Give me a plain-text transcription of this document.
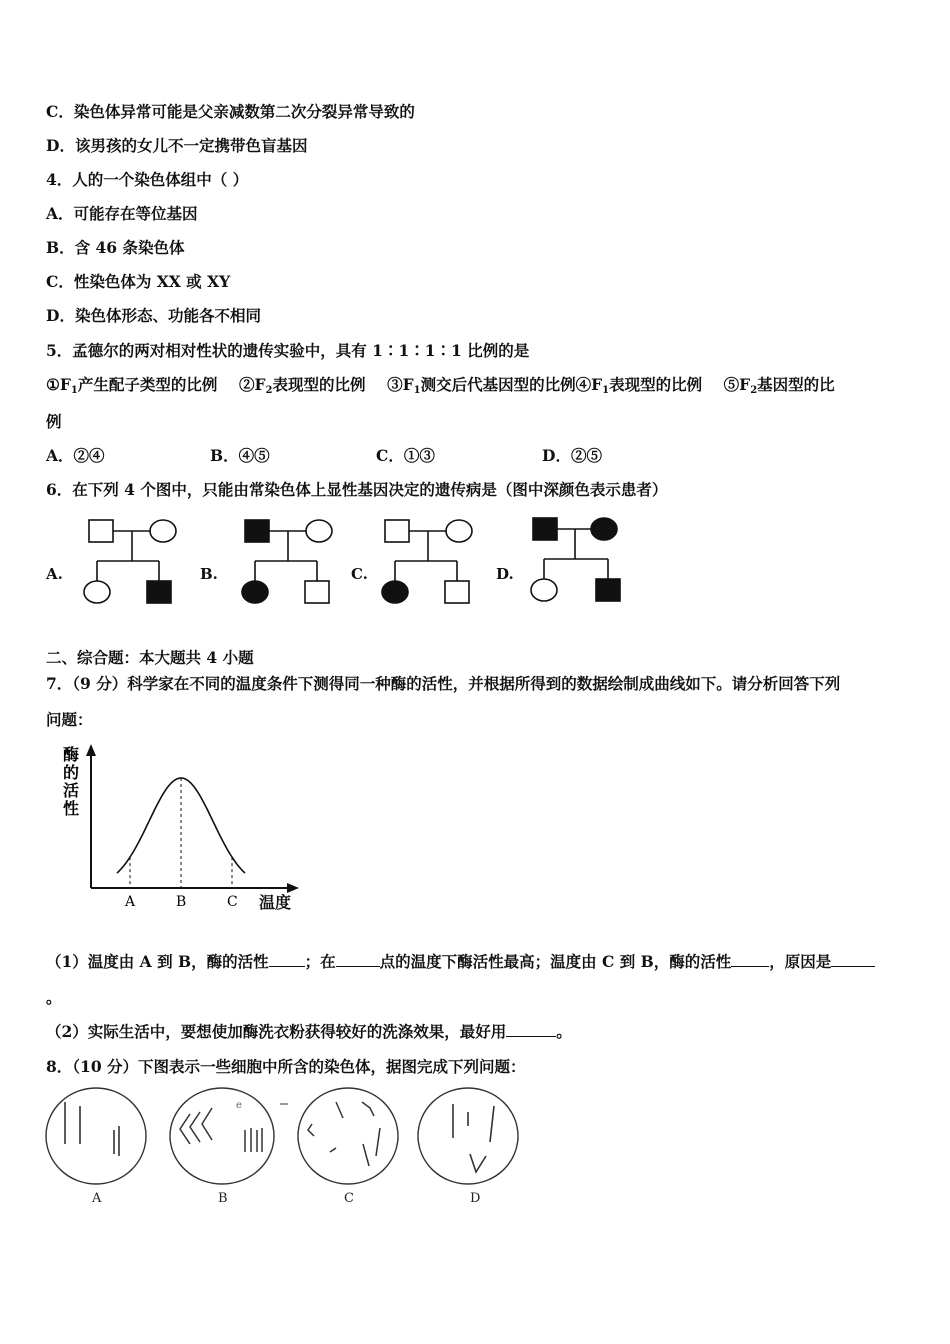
C．染色体异常可能是父亲减数第二次分裂异常导致的
D．该男孩的女儿不一定携带色盲基因
4．人的一个染色体组中（ ）
A．可能存在等位基因
B．含 46 条染色体
C．性染色体为 XX 或 XY
D．染色体形态、功能各不相同
5．孟德尔的两对相对性状的遗传实验中，具有 1∶1∶1∶1 比例的是
$①F_1$产生配子类型的比例 $②F_2$表现型的比例 $③F_1$测交后代基因型的比例$④F_1$表现型的比例 $⑤F_2$基因型的比
例
A．②④	B．④⑤	C．①③	D．②⑤
6．在下列 4 个图中，只能由常染色体上显性基因决定的遗传病是（图中深颜色表示患者）
A.	B.	C.	D.
二、综合题：本大题共 4 小题
7．（9 分）科学家在不同的温度条件下测得同一种酶的活性，并根据所得到的数据绘制成曲线如下。请分析回答下列
问题：
酶
的
活
性
温度
A	B	C
（1）温度由 A 到 B，酶的活性 ；在	点的温度下酶活性最高；温度由 C 到 B，酶的活性 ，原因是
。
（2）实际生活中，要想使加酶洗衣粉获得较好的洗涤效果，最好用	。
8．（10 分）下图表示一些细胞中所含的染色体，据图完成下列问题：
A
e
B	C	D
